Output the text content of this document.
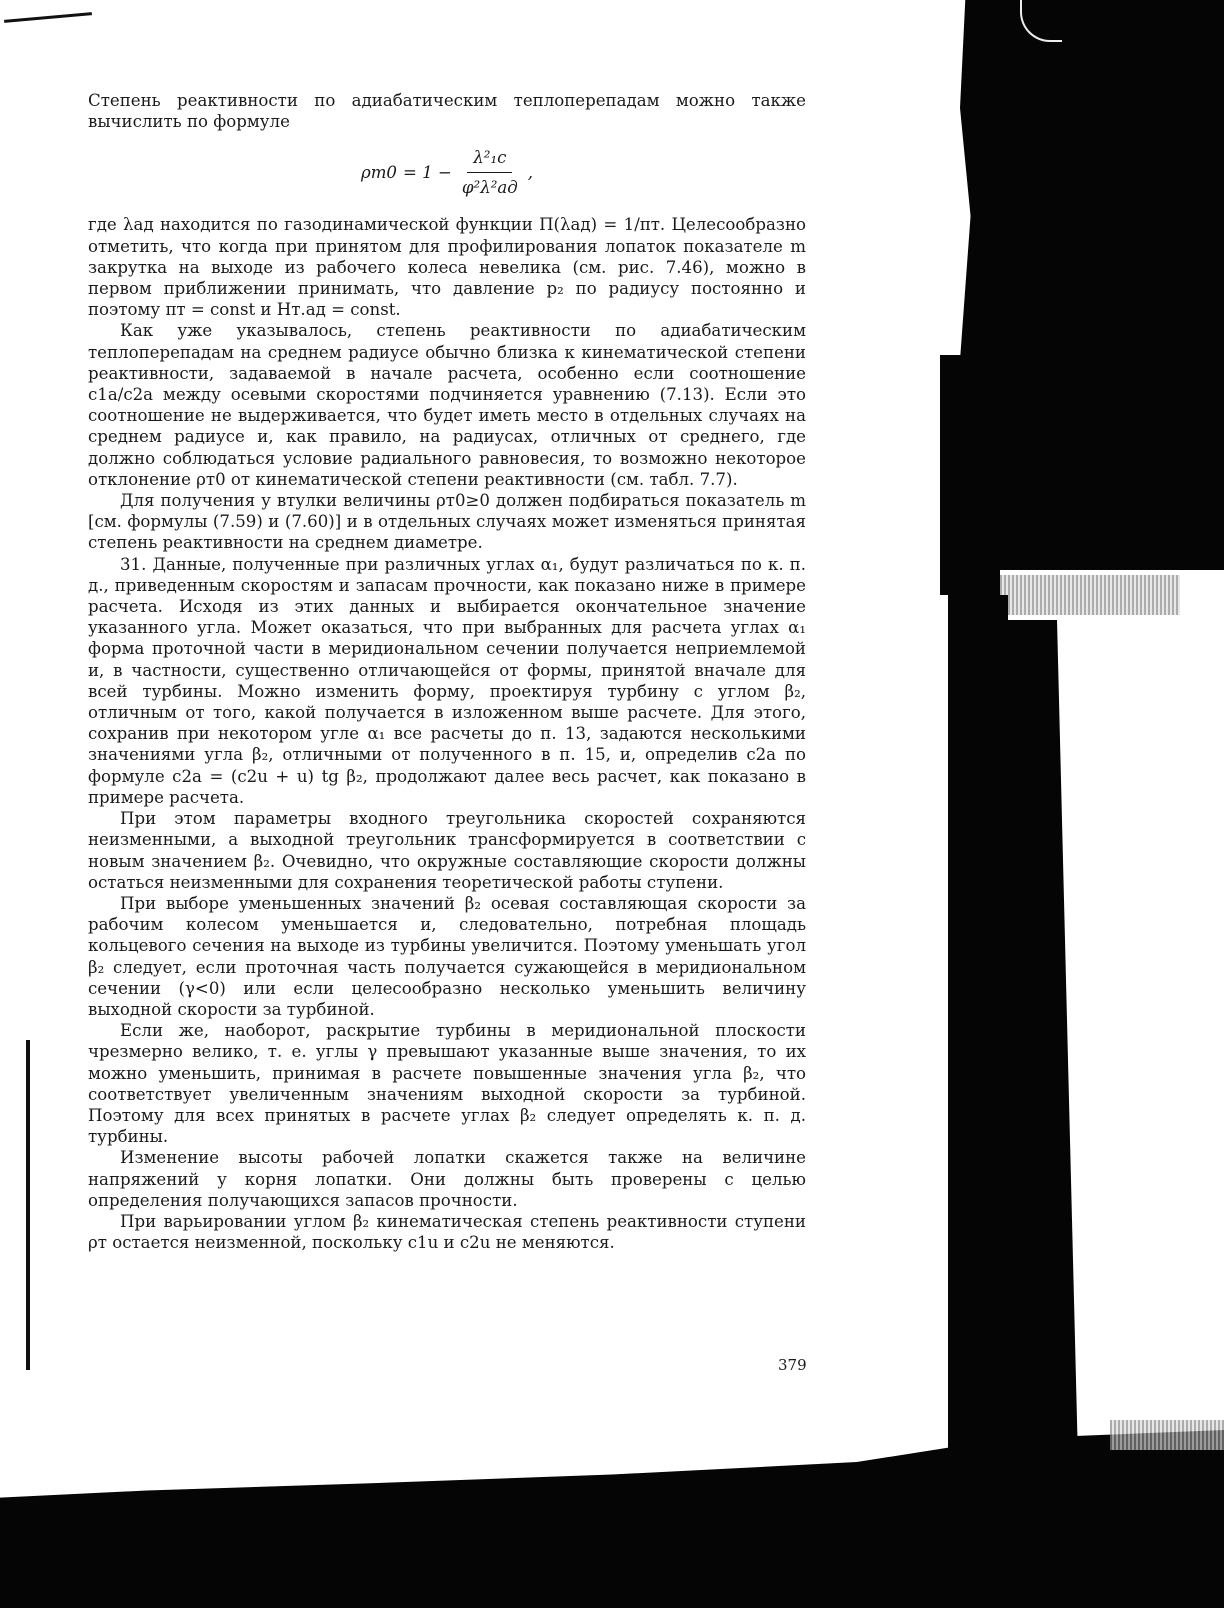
Степень реактивности по адиабатическим теплоперепадам можно также вычислить по формуле

$\rho т0 = 1 - \frac{\text{λ²₁c}}{\text{φ²λ²ад}}$ ,

где λад находится по газодинамической функции Π(λад) = 1/πт. Целесообразно отметить, что когда при принятом для профилирования лопаток показателе m закрутка на выходе из рабочего колеса невелика (см. рис. 7.46), можно в первом приближении принимать, что давление p₂ по радиусу постоянно и поэтому πт = const и Hт.ад = const.

Как уже указывалось, степень реактивности по адиабатическим теплоперепадам на среднем радиусе обычно близка к кинематической степени реактивности, задаваемой в начале расчета, особенно если соотношение c1a/c2a между осевыми скоростями подчиняется уравнению (7.13). Если это соотношение не выдерживается, что будет иметь место в отдельных случаях на среднем радиусе и, как правило, на радиусах, отличных от среднего, где должно соблюдаться условие радиального равновесия, то возможно некоторое отклонение ρт0 от кинематической степени реактивности (см. табл. 7.7).

Для получения у втулки величины ρт0≥0 должен подбираться показатель m [см. формулы (7.59) и (7.60)] и в отдельных случаях может изменяться принятая степень реактивности на среднем диаметре.

31. Данные, полученные при различных углах α₁, будут различаться по к. п. д., приведенным скоростям и запасам прочности, как показано ниже в примере расчета. Исходя из этих данных и выбирается окончательное значение указанного угла. Может оказаться, что при выбранных для расчета углах α₁ форма проточной части в меридиональном сечении получается неприемлемой и, в частности, существенно отличающейся от формы, принятой вначале для всей турбины. Можно изменить форму, проектируя турбину с углом β₂, отличным от того, какой получается в изложенном выше расчете. Для этого, сохранив при некотором угле α₁ все расчеты до п. 13, задаются несколькими значениями угла β₂, отличными от полученного в п. 15, и, определив c2a по формуле c2a = (c2u + u) tg β₂, продолжают далее весь расчет, как показано в примере расчета.

При этом параметры входного треугольника скоростей сохраняются неизменными, а выходной треугольник трансформируется в соответствии с новым значением β₂. Очевидно, что окружные составляющие скорости должны остаться неизменными для сохранения теоретической работы ступени.

При выборе уменьшенных значений β₂ осевая составляющая скорости за рабочим колесом уменьшается и, следовательно, потребная площадь кольцевого сечения на выходе из турбины увеличится. Поэтому уменьшать угол β₂ следует, если проточная часть получается сужающейся в меридиональном сечении (γ<0) или если целесообразно несколько уменьшить величину выходной скорости за турбиной.

Если же, наоборот, раскрытие турбины в меридиональной плоскости чрезмерно велико, т. е. углы γ превышают указанные выше значения, то их можно уменьшить, принимая в расчете повышенные значения угла β₂, что соответствует увеличенным значениям выходной скорости за турбиной. Поэтому для всех принятых в расчете углах β₂ следует определять к. п. д. турбины.

Изменение высоты рабочей лопатки скажется также на величине напряжений у корня лопатки. Они должны быть проверены с целью определения получающихся запасов прочности.

При варьировании углом β₂ кинематическая степень реактивности ступени ρт остается неизменной, поскольку c1u и c2u не меняются.

379
